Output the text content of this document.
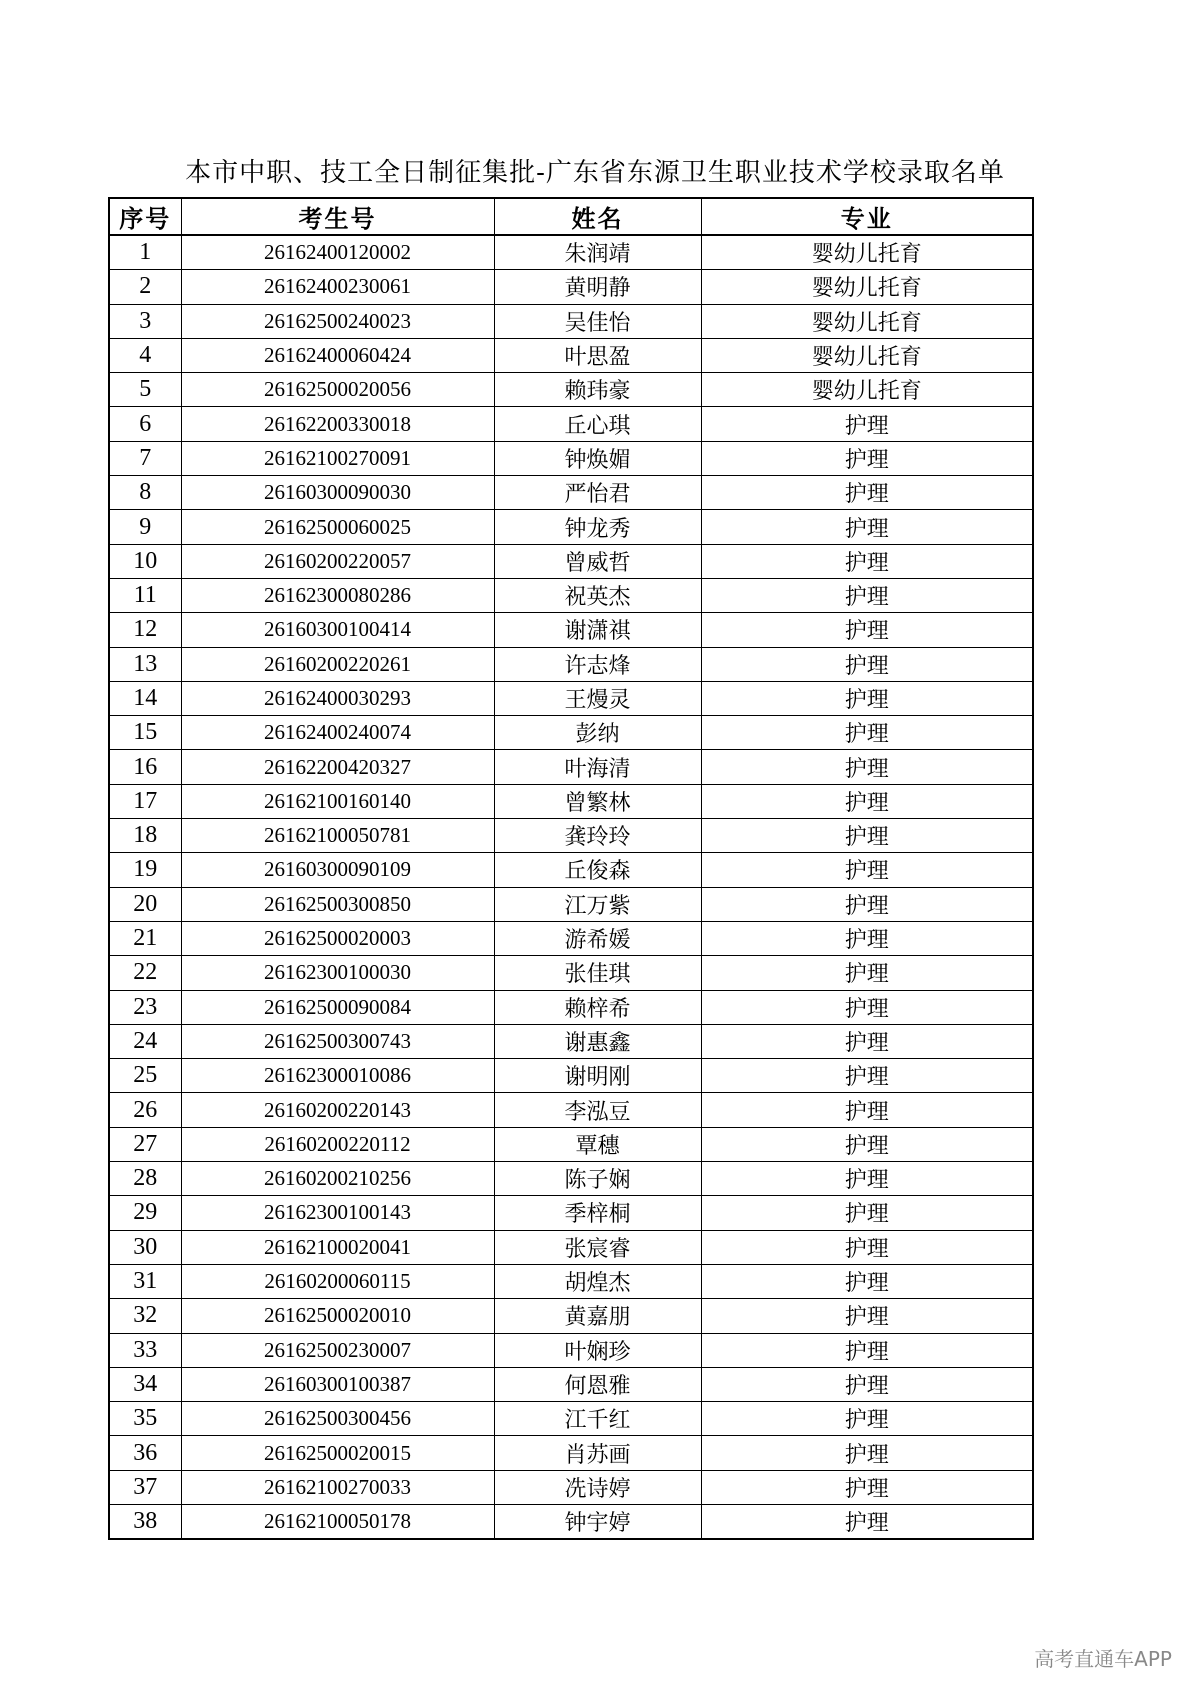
本市中职、技工全日制征集批-广东省东源卫生职业技术学校录取名单
序号	考生号	姓名	专业
1	26162400120002	朱润靖	婴幼儿托育
2	26162400230061	黄明静	婴幼儿托育
3	26162500240023	吴佳怡	婴幼儿托育
4	26162400060424	叶思盈	婴幼儿托育
5	26162500020056	赖玮豪	婴幼儿托育
6	26162200330018	丘心琪	护理
7	26162100270091	钟焕媚	护理
8	26160300090030	严怡君	护理
9	26162500060025	钟龙秀	护理
10	26160200220057	曾威哲	护理
11	26162300080286	祝英杰	护理
12	26160300100414	谢潇祺	护理
13	26160200220261	许志烽	护理
14	26162400030293	王熳灵	护理
15	26162400240074	彭纳	护理
16	26162200420327	叶海清	护理
17	26162100160140	曾繁林	护理
18	26162100050781	龚玲玲	护理
19	26160300090109	丘俊森	护理
20	26162500300850	江万紫	护理
21	26162500020003	游希媛	护理
22	26162300100030	张佳琪	护理
23	26162500090084	赖梓希	护理
24	26162500300743	谢惠鑫	护理
25	26162300010086	谢明刚	护理
26	26160200220143	李泓豆	护理
27	26160200220112	覃穗	护理
28	26160200210256	陈子娴	护理
29	26162300100143	季梓桐	护理
30	26162100020041	张宸睿	护理
31	26160200060115	胡煌杰	护理
32	26162500020010	黄嘉朋	护理
33	26162500230007	叶娴珍	护理
34	26160300100387	何恩雅	护理
35	26162500300456	江千红	护理
36	26162500020015	肖苏画	护理
37	26162100270033	冼诗婷	护理
38	26162100050178	钟宇婷	护理
高考直通车APP
